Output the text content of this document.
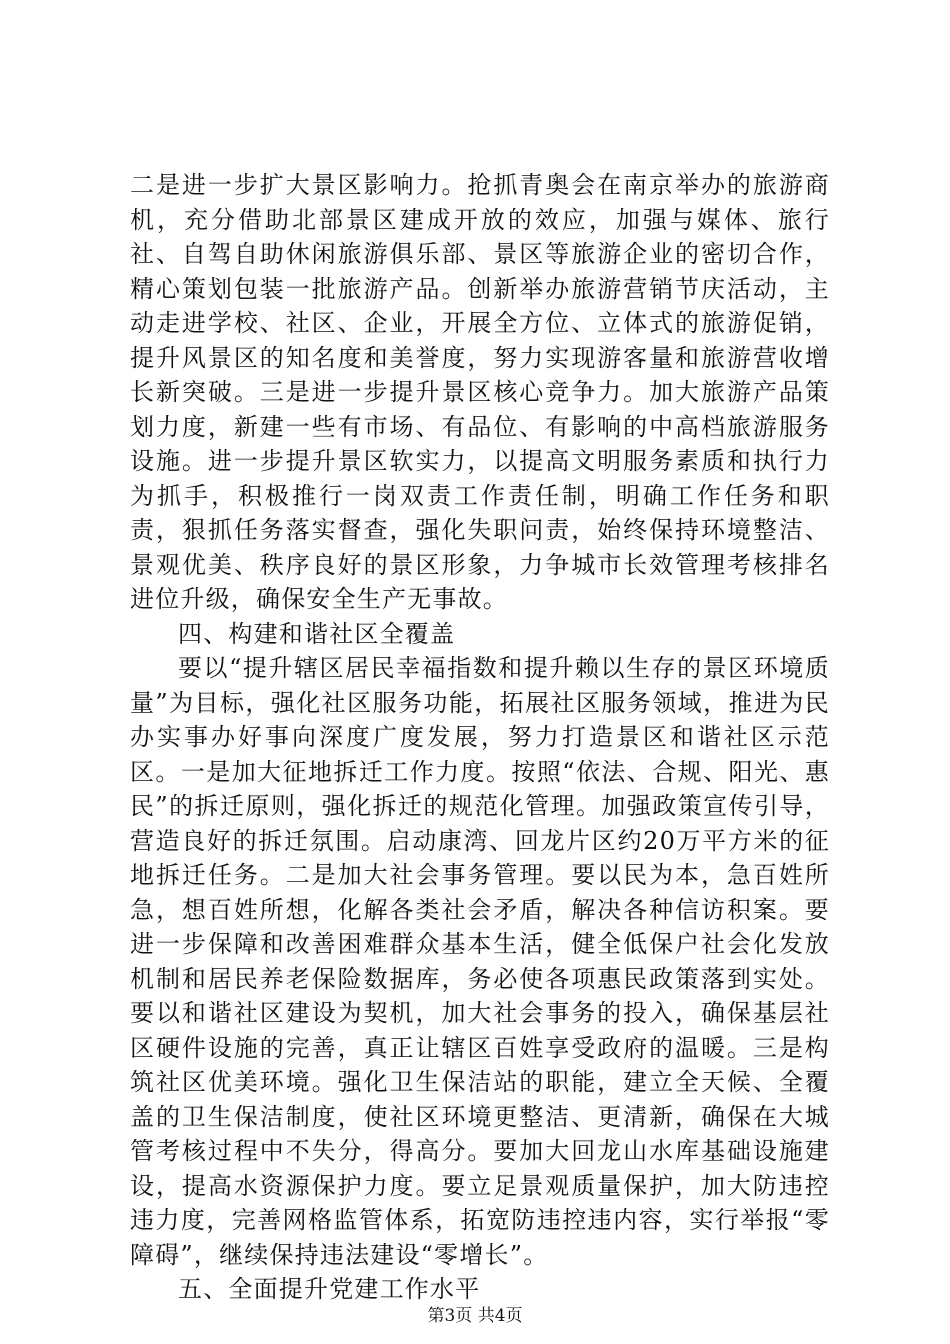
二是进一步扩大景区影响力。抢抓青奥会在南京举办的旅游商机，充分借助北部景区建成开放的效应，加强与媒体、旅行社、自驾自助休闲旅游俱乐部、景区等旅游企业的密切合作，精心策划包装一批旅游产品。创新举办旅游营销节庆活动，主动走进学校、社区、企业，开展全方位、立体式的旅游促销，提升风景区的知名度和美誉度，努力实现游客量和旅游营收增长新突破。三是进一步提升景区核心竞争力。加大旅游产品策划力度，新建一些有市场、有品位、有影响的中高档旅游服务设施。进一步提升景区软实力，以提高文明服务素质和执行力为抓手，积极推行一岗双责工作责任制，明确工作任务和职责，狠抓任务落实督查，强化失职问责，始终保持环境整洁、景观优美、秩序良好的景区形象，力争城市长效管理考核排名进位升级，确保安全生产无事故。

四、构建和谐社区全覆盖

要以“提升辖区居民幸福指数和提升赖以生存的景区环境质量”为目标，强化社区服务功能，拓展社区服务领域，推进为民办实事办好事向深度广度发展，努力打造景区和谐社区示范区。一是加大征地拆迁工作力度。按照“依法、合规、阳光、惠民”的拆迁原则，强化拆迁的规范化管理。加强政策宣传引导，营造良好的拆迁氛围。启动康湾、回龙片区约20万平方米的征地拆迁任务。二是加大社会事务管理。要以民为本，急百姓所急，想百姓所想，化解各类社会矛盾，解决各种信访积案。要进一步保障和改善困难群众基本生活，健全低保户社会化发放机制和居民养老保险数据库，务必使各项惠民政策落到实处。要以和谐社区建设为契机，加大社会事务的投入，确保基层社区硬件设施的完善，真正让辖区百姓享受政府的温暖。三是构筑社区优美环境。强化卫生保洁站的职能，建立全天候、全覆盖的卫生保洁制度，使社区环境更整洁、更清新，确保在大城管考核过程中不失分，得高分。要加大回龙山水库基础设施建设，提高水资源保护力度。要立足景观质量保护，加大防违控违力度，完善网格监管体系，拓宽防违控违内容，实行举报“零障碍”，继续保持违法建设“零增长”。

五、全面提升党建工作水平

第3页 共4页
